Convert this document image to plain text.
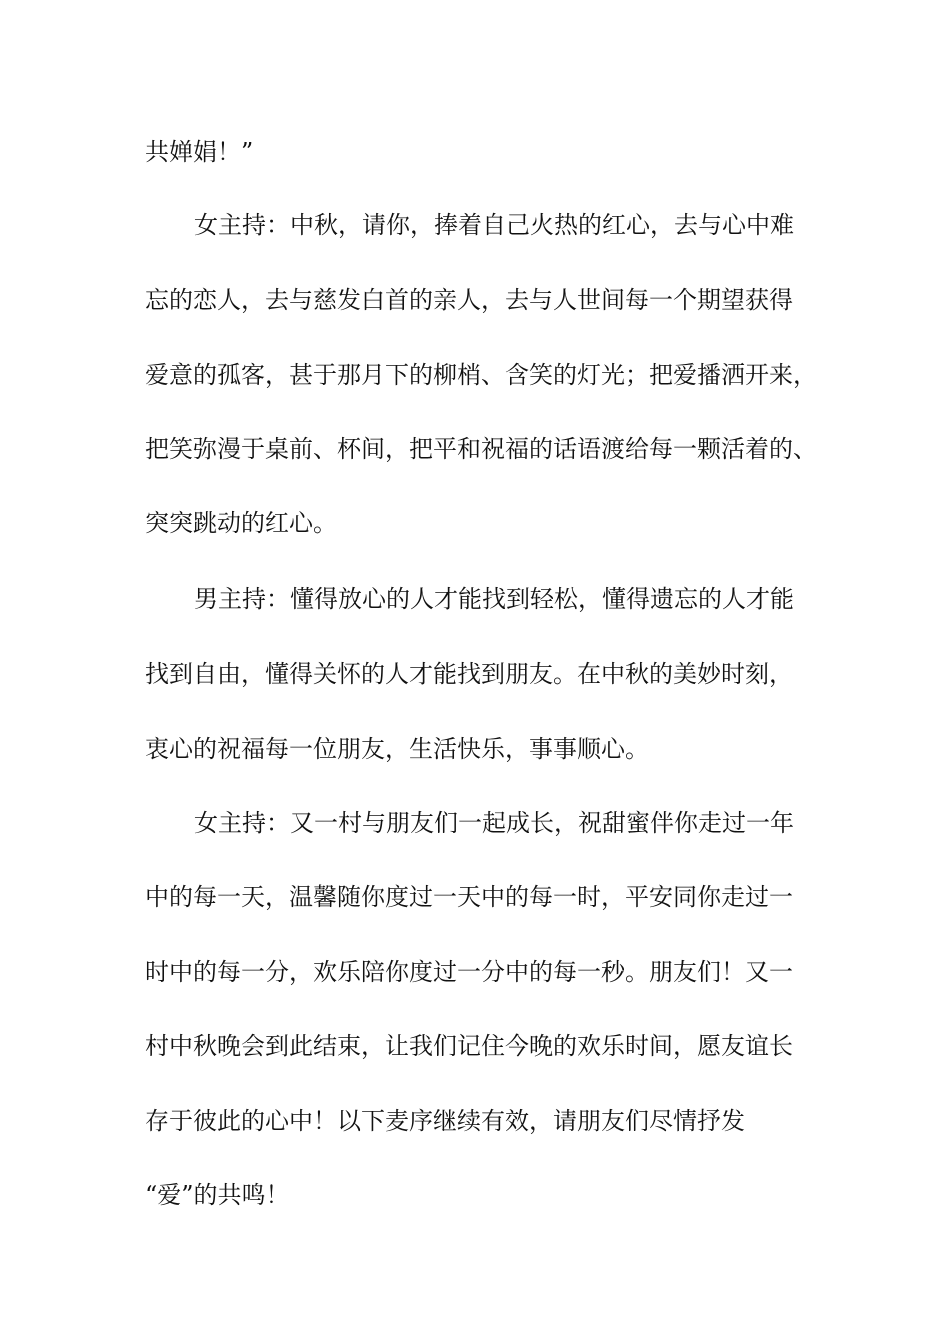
共婵娟！”

女主持：中秋，请你，捧着自己火热的红心，去与心中难

忘的恋人，去与慈发白首的亲人，去与人世间每一个期望获得

爱意的孤客，甚于那月下的柳梢、含笑的灯光；把爱播洒开来，

把笑弥漫于桌前、杯间，把平和祝福的话语渡给每一颗活着的、

突突跳动的红心。

男主持：懂得放心的人才能找到轻松，懂得遗忘的人才能

找到自由，懂得关怀的人才能找到朋友。在中秋的美妙时刻，

衷心的祝福每一位朋友，生活快乐，事事顺心。

女主持：又一村与朋友们一起成长，祝甜蜜伴你走过一年

中的每一天，温馨随你度过一天中的每一时，平安同你走过一

时中的每一分，欢乐陪你度过一分中的每一秒。朋友们！又一

村中秋晚会到此结束，让我们记住今晚的欢乐时间，愿友谊长

存于彼此的心中！以下麦序继续有效，请朋友们尽情抒发

“爱”的共鸣！
